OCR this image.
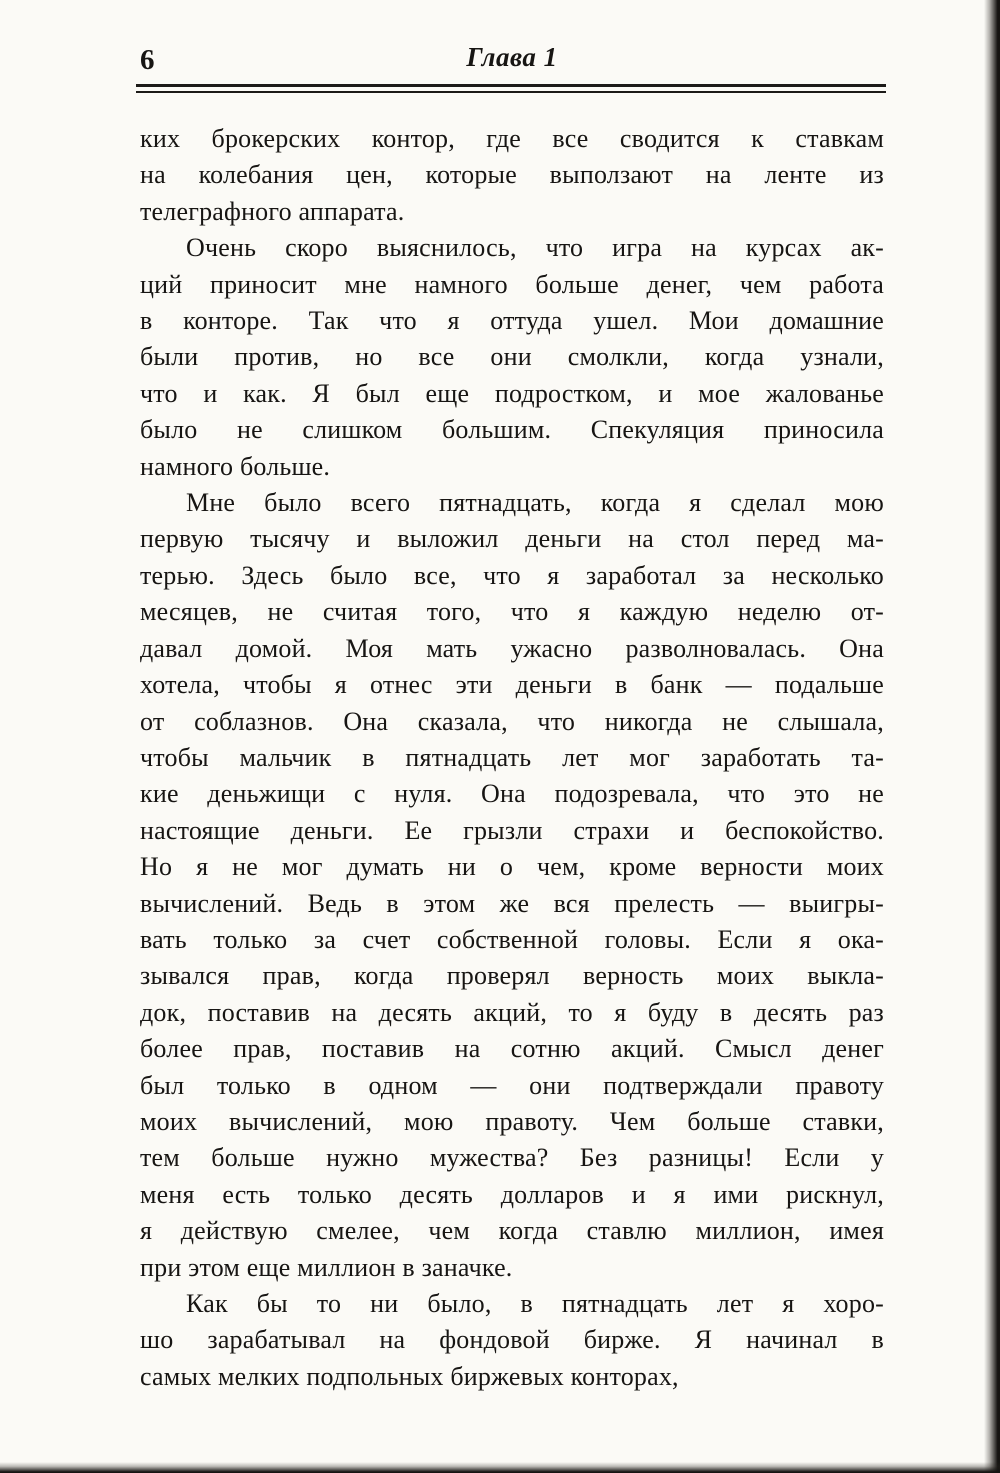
6	Глава 1
ких брокерских контор, где все сводится к ставкам
на колебания цен, которые выползают на ленте из
телеграфного аппарата.
Очень скоро выяснилось, что игра на курсах ак-
ций приносит мне намного больше денег, чем работа
в конторе. Так что я оттуда ушел. Мои домашние
были против, но все они смолкли, когда узнали,
что и как. Я был еще подростком, и мое жалованье
было не слишком большим. Спекуляция приносила
намного больше.
Мне было всего пятнадцать, когда я сделал мою
первую тысячу и выложил деньги на стол перед ма-
терью. Здесь было все, что я заработал за несколько
месяцев, не считая того, что я каждую неделю от-
давал домой. Моя мать ужасно разволновалась. Она
хотела, чтобы я отнес эти деньги в банк — подальше
от соблазнов. Она сказала, что никогда не слышала,
чтобы мальчик в пятнадцать лет мог заработать та-
кие деньжищи с нуля. Она подозревала, что это не
настоящие деньги. Ее грызли страхи и беспокойство.
Но я не мог думать ни о чем, кроме верности моих
вычислений. Ведь в этом же вся прелесть — выигры-
вать только за счет собственной головы. Если я ока-
зывался прав, когда проверял верность моих выкла-
док, поставив на десять акций, то я буду в десять раз
более прав, поставив на сотню акций. Смысл денег
был только в одном — они подтверждали правоту
моих вычислений, мою правоту. Чем больше ставки,
тем больше нужно мужества? Без разницы! Если у
меня есть только десять долларов и я ими рискнул,
я действую смелее, чем когда ставлю миллион, имея
при этом еще миллион в заначке.
Как бы то ни было, в пятнадцать лет я хоро-
шо зарабатывал на фондовой бирже. Я начинал в
самых мелких подпольных биржевых конторах,
